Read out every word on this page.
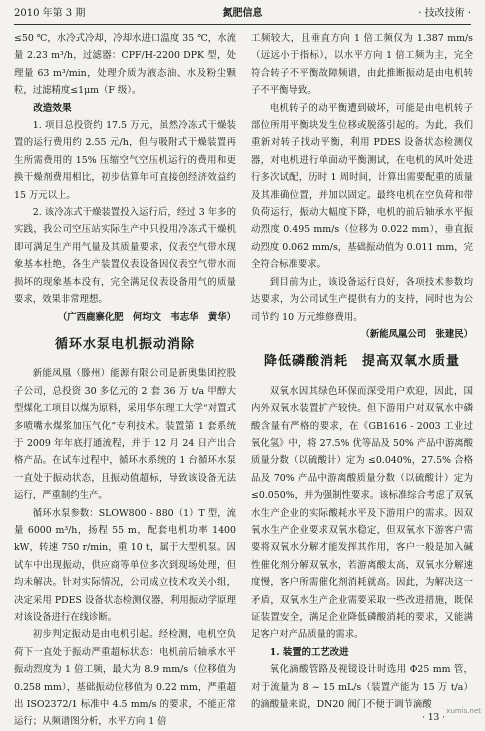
2010 年第 3 期	氮肥信息	· 技改技術 ·

≤50 ℃，水冷式冷却，冷却水进口温度 35 ℃，水流量 2.23 m³/h，过滤器：CPF/H-2200 DPK 型，处理量 63 m³/min，处理介质为液态油、水及粉尘颗粒，过滤精度≤1μm（F 级）。

改造效果

1. 项目总投资约 17.5 万元，虽然冷冻式干燥装置的运行费用约 2.55 元/h，但与吸附式干燥装置再生所需费用的 15% 压缩空气空压机运行的费用和更换干燥剂费用相比，初步估算年可直接创经济效益约 15 万元以上。

2. 该冷冻式干燥装置投入运行后，经过 3 年多的实践，我公司空压站实际生产中只投用冷冻式干燥机即可满足生产用气量及其质量要求，仪表空气带水现象基本杜绝，各生产装置仪表设备因仪表空气带水而损坏的现象基本没有，完全满足仪表设备用气的质量要求，效果非常理想。

（广西鹿寨化肥　何均文　韦志华　黄华）

循环水泵电机振动消除

新能凤凰（滕州）能源有限公司是新奥集团控股子公司，总投资 30 多亿元的 2 套 36 万 t/a 甲醇大型煤化工项目以煤为原料，采用华东理工大学“对置式多喷嘴水煤浆加压气化”专利技术。装置第 1 套系统于 2009 年年底打通流程，并于 12 月 24 日产出合格产品。在试车过程中，循环水系统的 1 台循环水泵一直处于振动状态，且振动值超标，导致该设备无法运行，严重制约生产。

循环水泵参数：SLOW800 - 880（1）T 型，流量 6000 m³/h，扬程 55 m，配套电机功率 1400 kW，转速 750 r/min，重 10 t，属于大型机泵。因试车中出现振动，供应商等单位多次到现场处理，但均未解决。针对实际情况，公司成立技术攻关小组，决定采用 PDES 设备状态检测仪器，利用振动学原理对该设备进行在线诊断。

初步判定振动是由电机引起。经检测，电机空负荷下一直处于振动严重超标状态：电机前后轴承水平振动烈度为 1 倍工频，最大为 8.9 mm/s（位移值为 0.258 mm），基础振动位移值为 0.22 mm，严重超出 ISO2372/1 标准中 4.5 mm/s 的要求，不能正常运行；从频谱图分析，水平方向 1 倍

工频较大，且垂直方向 1 倍工频仅为 1.387 mm/s（远远小于指标），以水平方向 1 倍工频为主，完全符合转子不平衡故障频谱，由此推断振动是由电机转子不平衡导致。

电机转子的动平衡遭到破坏，可能是由电机转子部位所用平衡块发生位移或脱落引起的。为此，我们重新对转子找动平衡，利用 PDES 设备状态检测仪器，对电机进行单面动平衡测试，在电机的风叶处进行多次试配，历时 1 周时间，计算出需要配重的质量及其准确位置，并加以固定。最终电机在空负荷和带负荷运行，振动大幅度下降，电机的前后轴承水平振动烈度 0.495 mm/s（位移为 0.022 mm），垂直振动烈度 0.062 mm/s，基础振动值为 0.011 mm，完全符合标准要求。

到目前为止，该设备运行良好，各项技术参数均达要求，为公司试生产提供有力的支持，同时也为公司节约 10 万元维修费用。

（新能凤凰公司　张建民）

降低磷酸消耗　提高双氧水质量

双氧水因其绿色环保而深受用户欢迎，因此，国内外双氧水装置扩产较快。但下游用户对双氧水中磷酸含量有严格的要求，在《GB1616 - 2003 工业过氧化氢》中，将 27.5% 优等品及 50% 产品中游离酸质量分数（以硫酸计）定为 ≤0.040%，27.5% 合格品及 70% 产品中游离酸质量分数（以硫酸计）定为 ≤0.050%，并为强制性要求。该标准综合考虑了双氧水生产企业的实际酸耗水平及下游用户的需求。因双氧水生产企业要求双氧水稳定，但双氧水下游客户需要将双氧水分解才能发挥其作用，客户一般是加入碱性催化剂分解双氧水，若游离酸太高，双氧水分解速度慢，客户所需催化剂消耗就高。因此，为解决这一矛盾，双氧水生产企业需要采取一些改进措施，既保证装置安全，满足企业降低磷酸消耗的要求，又能满足客户对产品质量的需求。

1. 装置的工艺改进

氧化滴酸管路及视镜设计时选用 Φ25 mm 管，对于流量为 8 ~ 15 mL/s（装置产能为 15 万 t/a）的滴酸量来说，DN20 阀门不便于调节滴酸

· 13 ·
xumis.net
